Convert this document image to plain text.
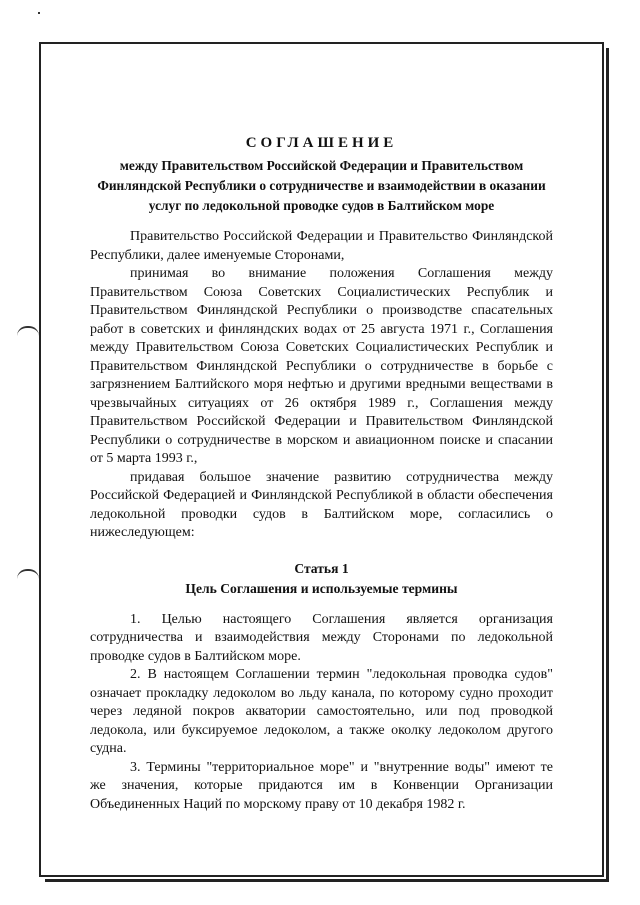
СОГЛАШЕНИЕ
между Правительством Российской Федерации и Правительством Финляндской Республики о сотрудничестве и взаимодействии в оказании услуг по ледокольной проводке судов в Балтийском море

Правительство Российской Федерации и Правительство Финляндской Республики, далее именуемые Сторонами,

принимая во внимание положения Соглашения между Правительством Союза Советских Социалистических Республик и Правительством Финляндской Республики о производстве спасательных работ в советских и финляндских водах от 25 августа 1971 г., Соглашения между Правительством Союза Советских Социалистических Республик и Правительством Финляндской Республики о сотрудничестве в борьбе с загрязнением Балтийского моря нефтью и другими вредными веществами в чрезвычайных ситуациях от 26 октября 1989 г., Соглашения между Правительством Российской Федерации и Правительством Финляндской Республики о сотрудничестве в морском и авиационном поиске и спасании от 5 марта 1993 г.,

придавая большое значение развитию сотрудничества между Российской Федерацией и Финляндской Республикой в области обеспечения ледокольной проводки судов в Балтийском море, согласились о нижеследующем:

Статья 1
Цель Соглашения и используемые термины

1. Целью настоящего Соглашения является организация сотрудничества и взаимодействия между Сторонами по ледокольной проводке судов в Балтийском море.

2. В настоящем Соглашении термин "ледокольная проводка судов" означает прокладку ледоколом во льду канала, по которому судно проходит через ледяной покров акватории самостоятельно, или под проводкой ледокола, или буксируемое ледоколом, а также околку ледоколом другого судна.

3. Термины "территориальное море" и "внутренние воды" имеют те же значения, которые придаются им в Конвенции Организации Объединенных Наций по морскому праву от 10 декабря 1982 г.
